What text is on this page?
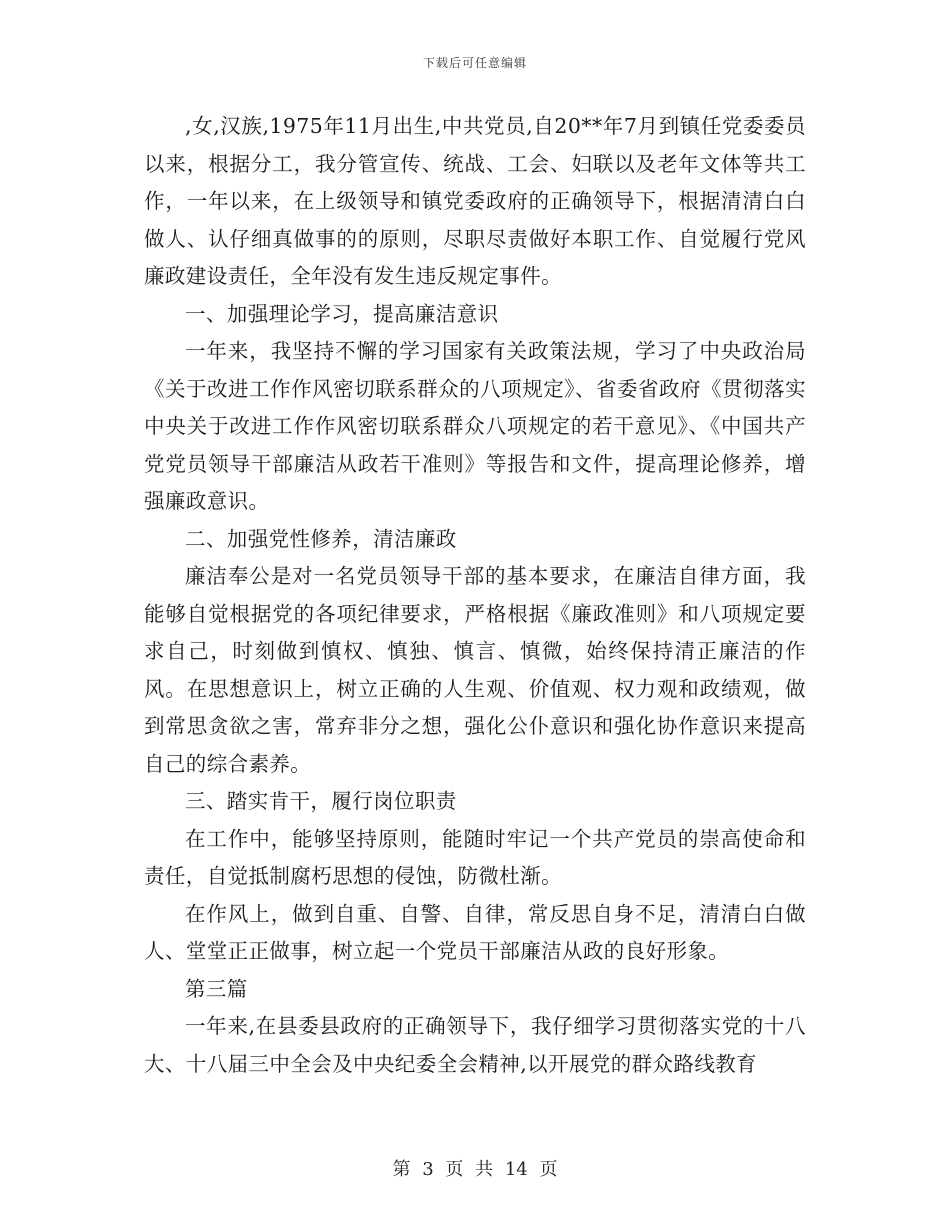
下载后可任意编辑

,女,汉族,1975年11月出生,中共党员,自20**年7月到镇任党委委员以来，根据分工，我分管宣传、统战、工会、妇联以及老年文体等共工作，一年以来，在上级领导和镇党委政府的正确领导下，根据清清白白做人、认仔细真做事的的原则，尽职尽责做好本职工作、自觉履行党风廉政建设责任，全年没有发生违反规定事件。

一、加强理论学习，提高廉洁意识

一年来，我坚持不懈的学习国家有关政策法规，学习了中央政治局《关于改进工作作风密切联系群众的八项规定》、省委省政府《贯彻落实中央关于改进工作作风密切联系群众八项规定的若干意见》、《中国共产党党员领导干部廉洁从政若干准则》等报告和文件，提高理论修养，增强廉政意识。

二、加强党性修养，清洁廉政

廉洁奉公是对一名党员领导干部的基本要求，在廉洁自律方面，我能够自觉根据党的各项纪律要求，严格根据《廉政准则》和八项规定要求自己，时刻做到慎权、慎独、慎言、慎微，始终保持清正廉洁的作风。在思想意识上，树立正确的人生观、价值观、权力观和政绩观，做到常思贪欲之害，常弃非分之想，强化公仆意识和强化协作意识来提高自己的综合素养。

三、踏实肯干，履行岗位职责

在工作中，能够坚持原则，能随时牢记一个共产党员的崇高使命和责任，自觉抵制腐朽思想的侵蚀，防微杜渐。

在作风上，做到自重、自警、自律，常反思自身不足，清清白白做人、堂堂正正做事，树立起一个党员干部廉洁从政的良好形象。

第三篇

一年来,在县委县政府的正确领导下，我仔细学习贯彻落实党的十八大、十八届三中全会及中央纪委全会精神,以开展党的群众路线教育

第 3 页 共 14 页
